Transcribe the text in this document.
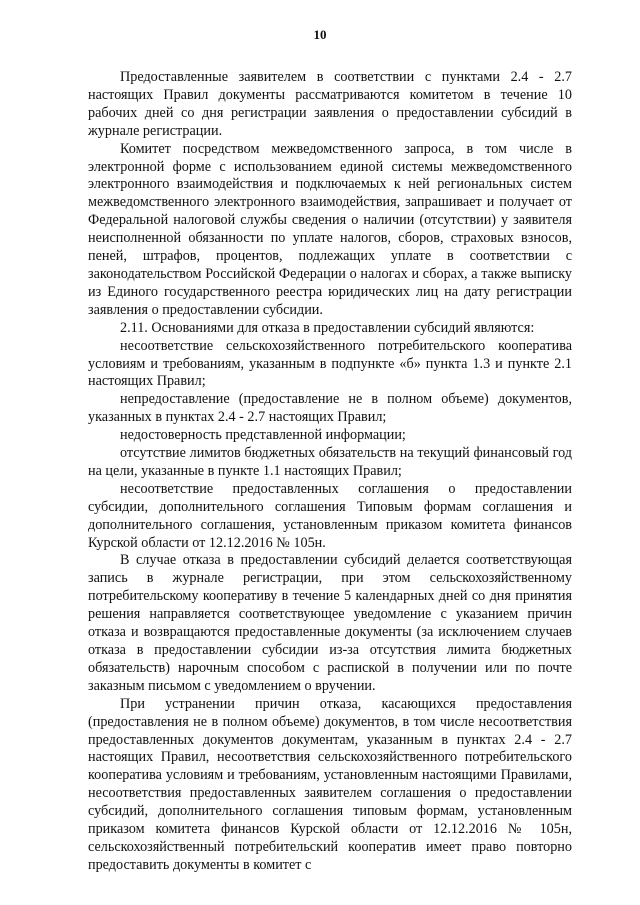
10

Предоставленные заявителем в соответствии с пунктами 2.4 - 2.7 настоящих Правил документы рассматриваются комитетом в течение 10 рабочих дней со дня регистрации заявления о предоставлении субсидий в журнале регистрации.

Комитет посредством межведомственного запроса, в том числе в электронной форме с использованием единой системы межведомственного электронного взаимодействия и подключаемых к ней региональных систем межведомственного электронного взаимодействия, запрашивает и получает от Федеральной налоговой службы сведения о наличии (отсутствии) у заявителя неисполненной обязанности по уплате налогов, сборов, страховых взносов, пеней, штрафов, процентов, подлежащих уплате в соответствии с законодательством Российской Федерации о налогах и сборах, а также выписку из Единого государственного реестра юридических лиц на дату регистрации заявления о предоставлении субсидии.

2.11. Основаниями для отказа в предоставлении субсидий являются:

несоответствие сельскохозяйственного потребительского кооператива условиям и требованиям, указанным в подпункте «б» пункта 1.3 и пункте 2.1 настоящих Правил;

непредоставление (предоставление не в полном объеме) документов, указанных в пунктах 2.4 - 2.7 настоящих Правил;

недостоверность представленной информации;

отсутствие лимитов бюджетных обязательств на текущий финансовый год на цели, указанные в пункте 1.1 настоящих Правил;

несоответствие предоставленных соглашения о предоставлении субсидии, дополнительного соглашения Типовым формам соглашения и дополнительного соглашения, установленным приказом комитета финансов Курской области от 12.12.2016 № 105н.

В случае отказа в предоставлении субсидий делается соответствующая запись в журнале регистрации, при этом сельскохозяйственному потребительскому кооперативу в течение 5 календарных дней со дня принятия решения направляется соответствующее уведомление с указанием причин отказа и возвращаются предоставленные документы (за исключением случаев отказа в предоставлении субсидии из-за отсутствия лимита бюджетных обязательств) нарочным способом с распиской в получении или по почте заказным письмом с уведомлением о вручении.

При устранении причин отказа, касающихся предоставления (предоставления не в полном объеме) документов, в том числе несоответствия предоставленных документов документам, указанным в пунктах 2.4 - 2.7 настоящих Правил, несоответствия сельскохозяйственного потребительского кооператива условиям и требованиям, установленным настоящими Правилами, несоответствия предоставленных заявителем соглашения о предоставлении субсидий, дополнительного соглашения типовым формам, установленным приказом комитета финансов Курской области от 12.12.2016 № 105н, сельскохозяйственный потребительский кооператив имеет право повторно предоставить документы в комитет с
